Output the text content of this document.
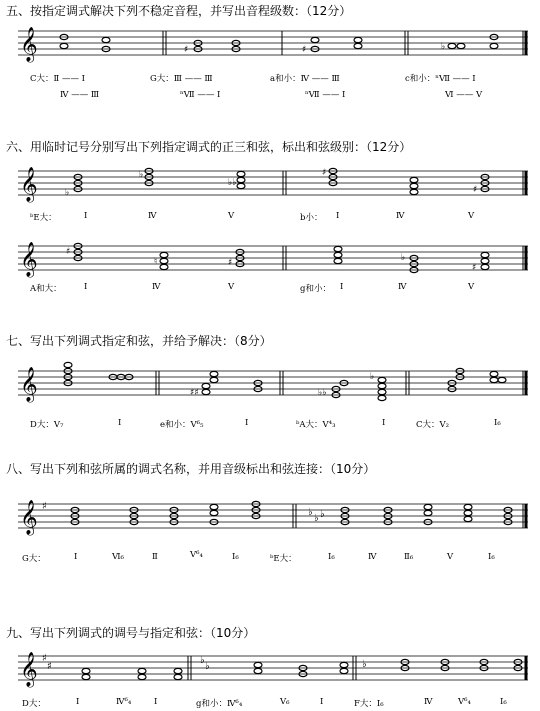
五、按指定调式解决下列不稳定音程，并写出音程级数：（12分）
𝄞	♯	♯	♭
C大：Ⅱ —— Ⅰ	G大：Ⅲ —— Ⅲ	a和小：Ⅳ —— Ⅲ	c和小：ⁿⅦ —— Ⅰ
Ⅳ —— Ⅲ	ⁿⅦ —— Ⅰ	ⁿⅦ —— Ⅰ	Ⅵ —— Ⅴ
六、用临时记号分别写出下列指定调式的正三和弦，标出和弦级别：（12分）
𝄞	♭
♭
♭♭
♯
♯
ᵇE大：	Ⅰ	Ⅳ	Ⅴ	b小： Ⅰ	Ⅳ	Ⅴ
𝄞	♯
♮	♯	♭
♯
A和大：	Ⅰ	Ⅳ	Ⅴ	g和小： Ⅰ	Ⅳ	Ⅴ
七、写出下列调式指定和弦，并给予解决：（8分）
𝄞	♯♯	♭♭
♭
D大：Ⅴ₇	Ⅰ	e和小：Ⅴ⁶₅	Ⅰ	ᵇA大：Ⅴ⁴₃	Ⅰ	C大：Ⅴ₂	Ⅰ₆
八、写出下列和弦所属的调式名称，并用音级标出和弦连接：（10分）
𝄞 ♯
♭
♭ ♭
G大：	Ⅰ	Ⅵ₆	Ⅱ	Ⅴ⁶₄	Ⅰ₆	ᵇE大：	Ⅰ₆	Ⅳ	Ⅱ₆	Ⅴ	Ⅰ₆
九、写出下列调式的调号与指定和弦：（10分）
𝄞 ♯
♯
♭
♭	♭
D大：	Ⅰ	Ⅳ⁶₄	Ⅰ	g和小：Ⅳ⁶₄	Ⅴ₆	Ⅰ	F大：Ⅰ₆	Ⅳ	Ⅴ⁶₄	Ⅰ₆
